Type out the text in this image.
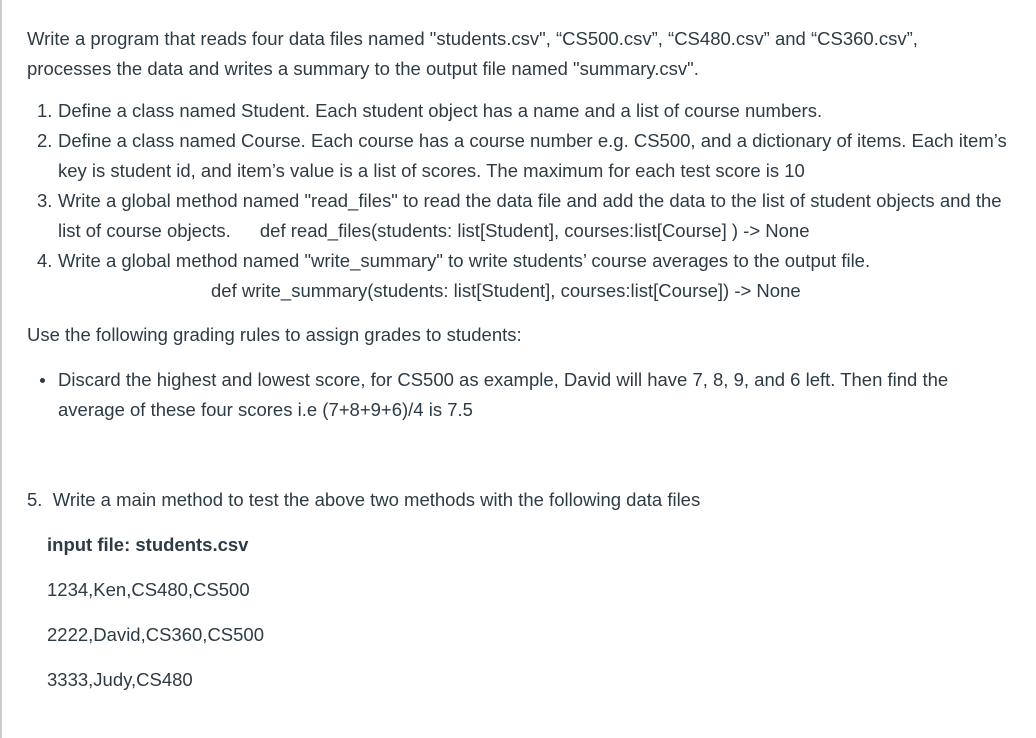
Write a program that reads four data files named "students.csv", “CS500.csv”, “CS480.csv” and “CS360.csv”,
processes the data and writes a summary to the output file named "summary.csv".

1. Define a class named Student. Each student object has a name and a list of course numbers.
2. Define a class named Course. Each course has a course number e.g. CS500, and a dictionary of items. Each item’s key is student id, and item’s value is a list of scores. The maximum for each test score is 10
3. Write a global method named "read_files" to read the data file and add the data to the list of student objects and the list of course objects. def read_files(students: list[Student], courses:list[Course] ) -> None
4. Write a global method named "write_summary" to write students’ course averages to the output file.
def write_summary(students: list[Student], courses:list[Course]) -> None

Use the following grading rules to assign grades to students:

Discard the highest and lowest score, for CS500 as example, David will have 7, 8, 9, and 6 left. Then find the average of these four scores i.e (7+8+9+6)/4 is 7.5

5. Write a main method to test the above two methods with the following data files

input file: students.csv

1234,Ken,CS480,CS500

2222,David,CS360,CS500

3333,Judy,CS480
